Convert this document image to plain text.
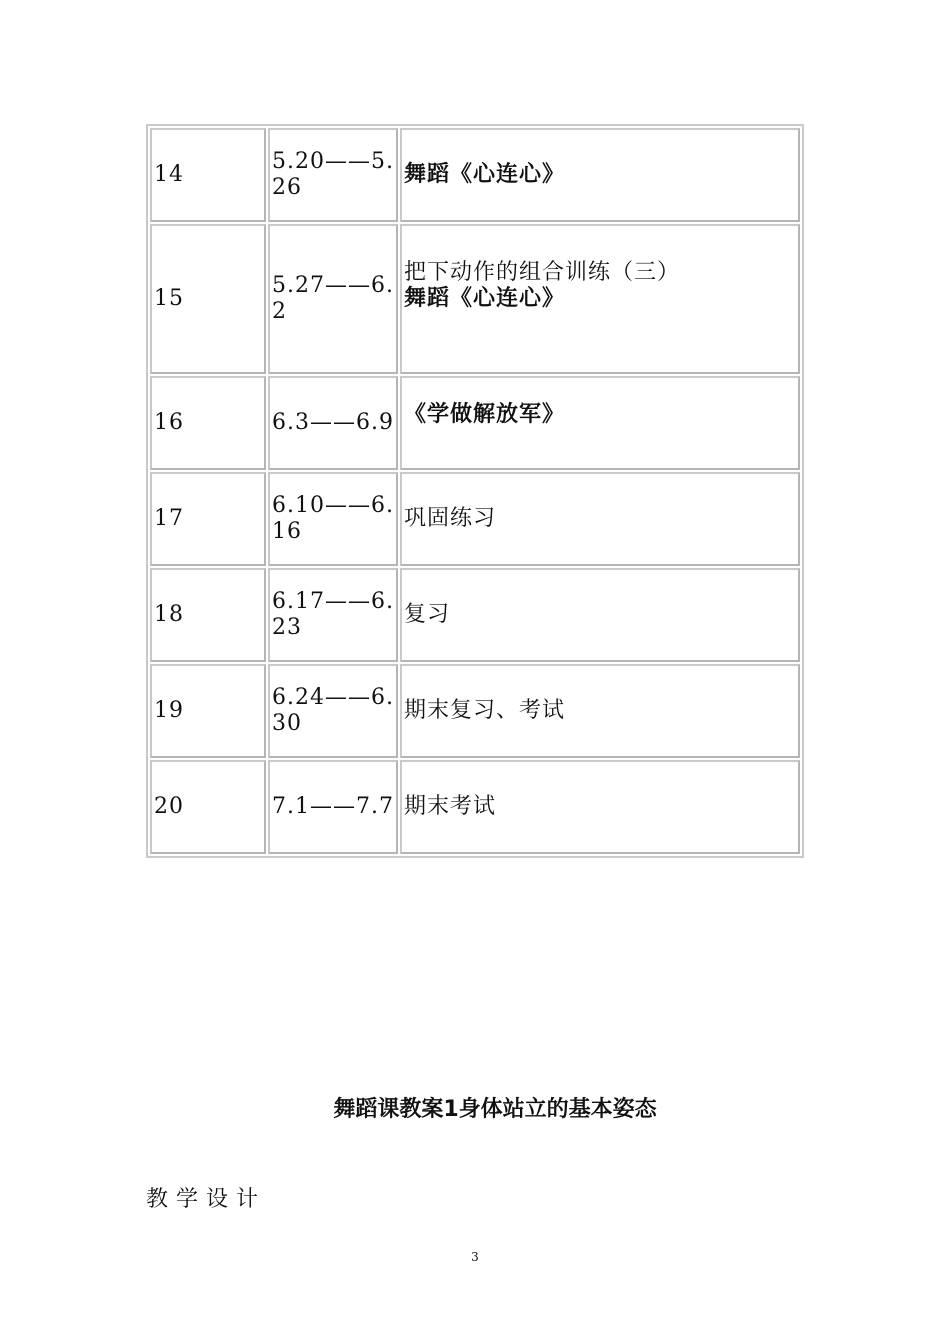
14	5.20——5.26	舞蹈《心连心》

15	5.27——6.2	把下动作的组合训练（三）
舞蹈《心连心》

16	6.3——6.9	《学做解放军》

17	6.10——6.16	巩固练习

18	6.17——6.23	复习

19	6.24——6.30	期末复习、考试

20	7.1——7.7	期末考试
舞蹈课教案1身体站立的基本姿态
教学设计
3
